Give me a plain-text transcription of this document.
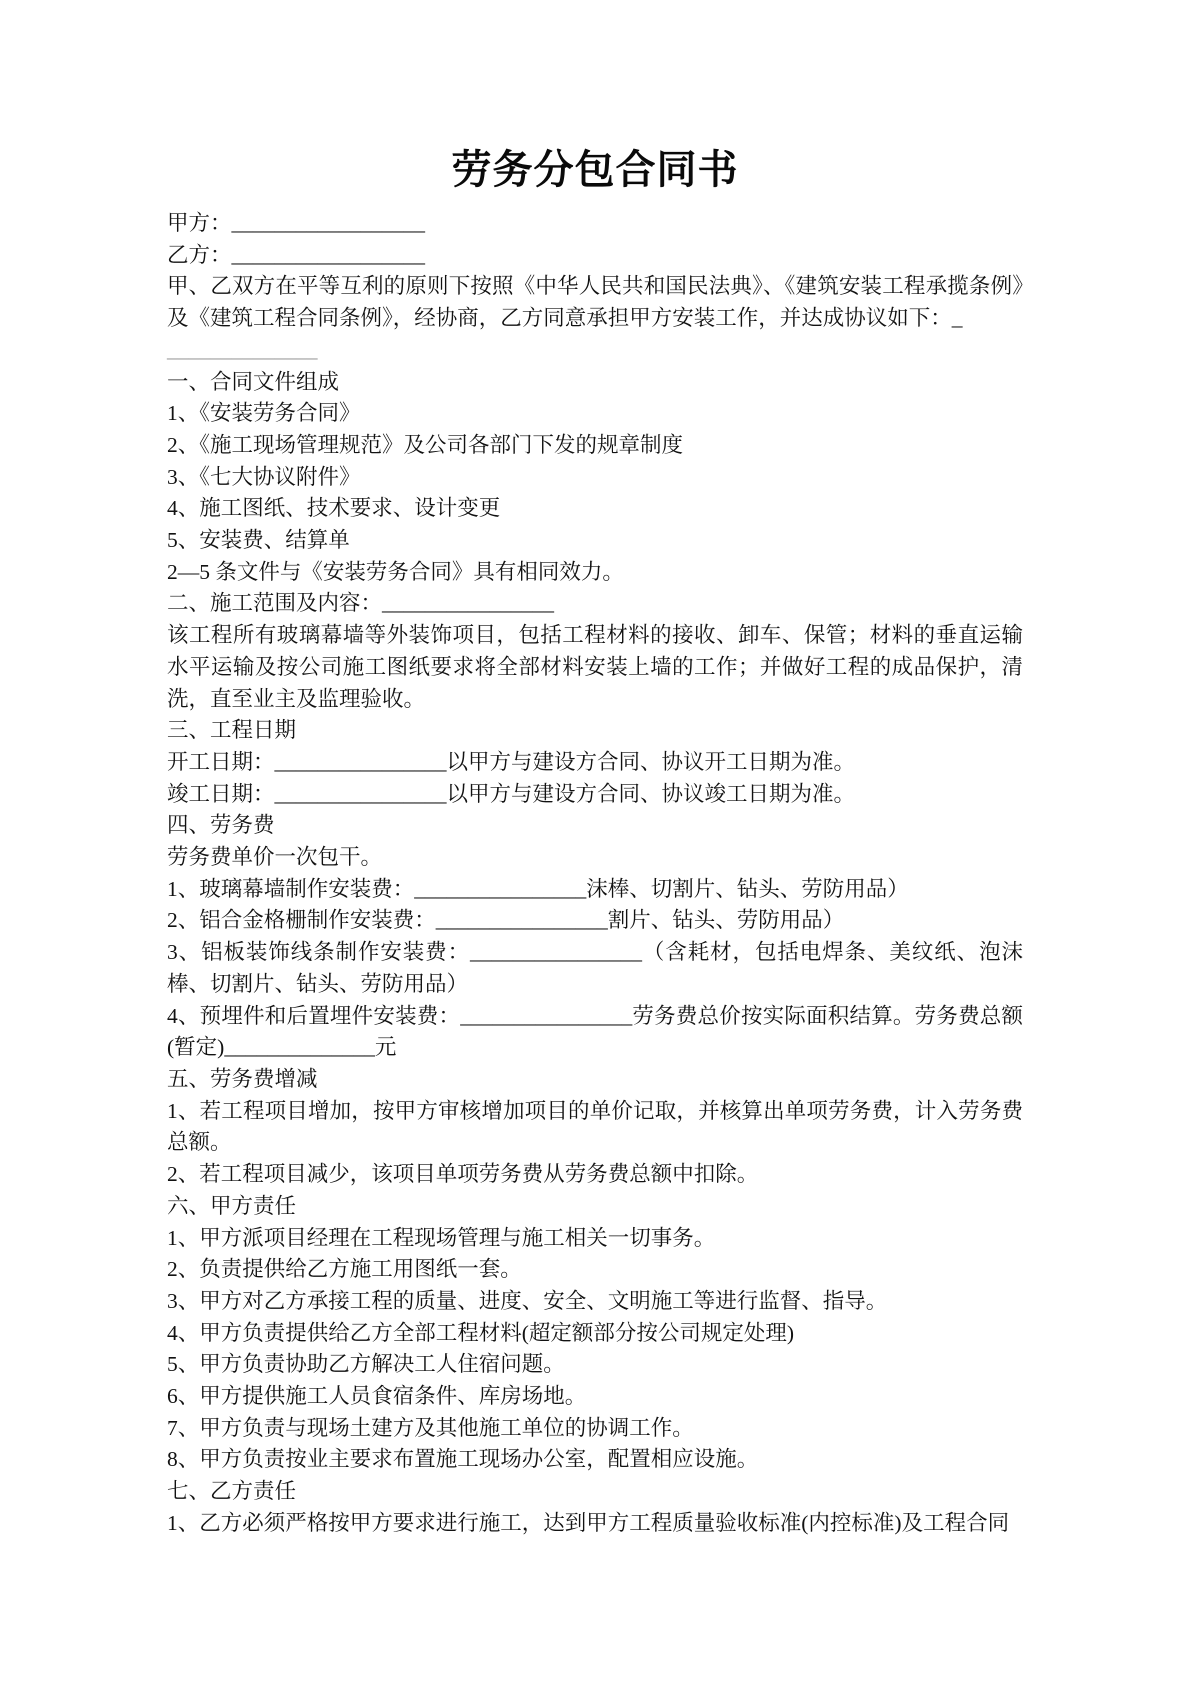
劳务分包合同书

甲方：__________________

乙方：__________________

甲、乙双方在平等互利的原则下按照《中华人民共和国民法典》、《建筑安装工程承揽条例》及《建筑工程合同条例》，经协商，乙方同意承担甲方安装工作，并达成协议如下：_

______________

一、合同文件组成

1、《安装劳务合同》

2、《施工现场管理规范》及公司各部门下发的规章制度

3、《七大协议附件》

4、施工图纸、技术要求、设计变更

5、安装费、结算单

2—5 条文件与《安装劳务合同》具有相同效力。

二、施工范围及内容：________________

该工程所有玻璃幕墙等外装饰项目，包括工程材料的接收、卸车、保管；材料的垂直运输水平运输及按公司施工图纸要求将全部材料安装上墙的工作；并做好工程的成品保护，清洗，直至业主及监理验收。

三、工程日期

开工日期：________________以甲方与建设方合同、协议开工日期为准。

竣工日期：________________以甲方与建设方合同、协议竣工日期为准。

四、劳务费

劳务费单价一次包干。

1、玻璃幕墙制作安装费：________________沫棒、切割片、钻头、劳防用品）

2、铝合金格栅制作安装费：________________割片、钻头、劳防用品）

3、铝板装饰线条制作安装费：________________（含耗材，包括电焊条、美纹纸、泡沫棒、切割片、钻头、劳防用品）

4、预埋件和后置埋件安装费：________________劳务费总价按实际面积结算。劳务费总额(暂定)______________元

五、劳务费增减

1、若工程项目增加，按甲方审核增加项目的单价记取，并核算出单项劳务费，计入劳务费总额。

2、若工程项目减少，该项目单项劳务费从劳务费总额中扣除。

六、甲方责任

1、甲方派项目经理在工程现场管理与施工相关一切事务。

2、负责提供给乙方施工用图纸一套。

3、甲方对乙方承接工程的质量、进度、安全、文明施工等进行监督、指导。

4、甲方负责提供给乙方全部工程材料(超定额部分按公司规定处理)

5、甲方负责协助乙方解决工人住宿问题。

6、甲方提供施工人员食宿条件、库房场地。

7、甲方负责与现场土建方及其他施工单位的协调工作。

8、甲方负责按业主要求布置施工现场办公室，配置相应设施。

七、乙方责任

1、乙方必须严格按甲方要求进行施工，达到甲方工程质量验收标准(内控标准)及工程合同
